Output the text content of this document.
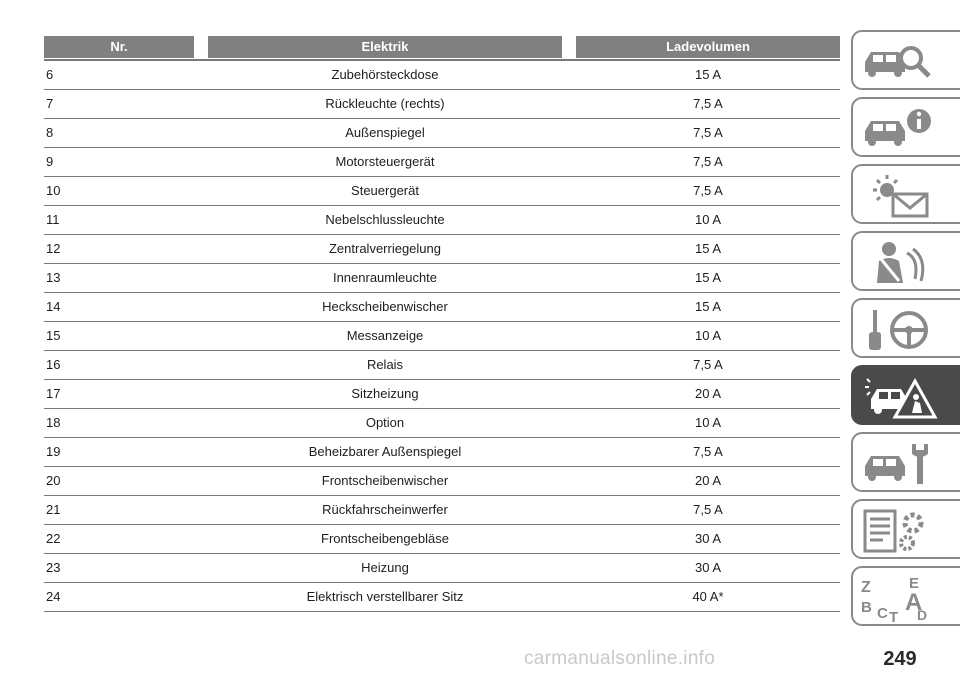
Nr.	Elektrik	Ladevolumen
6	Zubehörsteckdose	15 A
7	Rückleuchte (rechts)	7,5 A
8	Außenspiegel	7,5 A
9	Motorsteuergerät	7,5 A
10	Steuergerät	7,5 A
11	Nebelschlussleuchte	10 A
12	Zentralverriegelung	15 A
13	Innenraumleuchte	15 A
14	Heckscheibenwischer	15 A
15	Messanzeige	10 A
16	Relais	7,5 A
17	Sitzheizung	20 A
18	Option	10 A
19	Beheizbarer Außenspiegel	7,5 A
20	Frontscheibenwischer	20 A
21	Rückfahrscheinwerfer	7,5 A
22	Frontscheibengebläse	30 A
23	Heizung	30 A
24	Elektrisch verstellbarer Sitz	40 A*
Z	E
A
B C D
T
carmanualsonline.info	249
